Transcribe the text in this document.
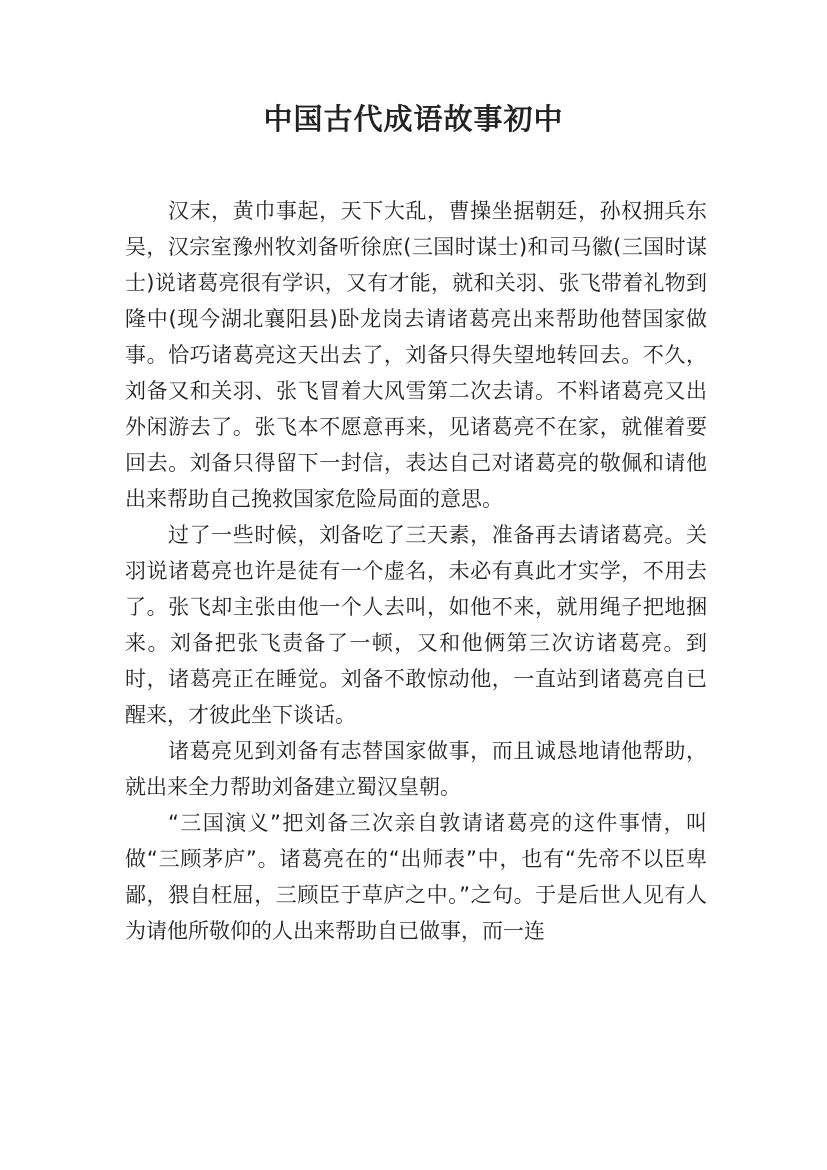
中国古代成语故事初中

汉末，黄巾事起，天下大乱，曹操坐据朝廷，孙权拥兵东吴，汉宗室豫州牧刘备听徐庶(三国时谋士)和司马徽(三国时谋士)说诸葛亮很有学识，又有才能，就和关羽、张飞带着礼物到隆中(现今湖北襄阳县)卧龙岗去请诸葛亮出来帮助他替国家做事。恰巧诸葛亮这天出去了，刘备只得失望地转回去。不久，刘备又和关羽、张飞冒着大风雪第二次去请。不料诸葛亮又出外闲游去了。张飞本不愿意再来，见诸葛亮不在家，就催着要回去。刘备只得留下一封信，表达自己对诸葛亮的敬佩和请他出来帮助自己挽救国家危险局面的意思。

过了一些时候，刘备吃了三天素，准备再去请诸葛亮。关羽说诸葛亮也许是徒有一个虚名，未必有真此才实学，不用去了。张飞却主张由他一个人去叫，如他不来，就用绳子把地捆来。刘备把张飞责备了一顿，又和他俩第三次访诸葛亮。到时，诸葛亮正在睡觉。刘备不敢惊动他，一直站到诸葛亮自已醒来，才彼此坐下谈话。

诸葛亮见到刘备有志替国家做事，而且诚恳地请他帮助，就出来全力帮助刘备建立蜀汉皇朝。

“三国演义”把刘备三次亲自敦请诸葛亮的这件事情，叫做“三顾茅庐”。诸葛亮在的“出师表”中，也有“先帝不以臣卑鄙，猥自枉屈，三顾臣于草庐之中。”之句。于是后世人见有人为请他所敬仰的人出来帮助自已做事，而一连
